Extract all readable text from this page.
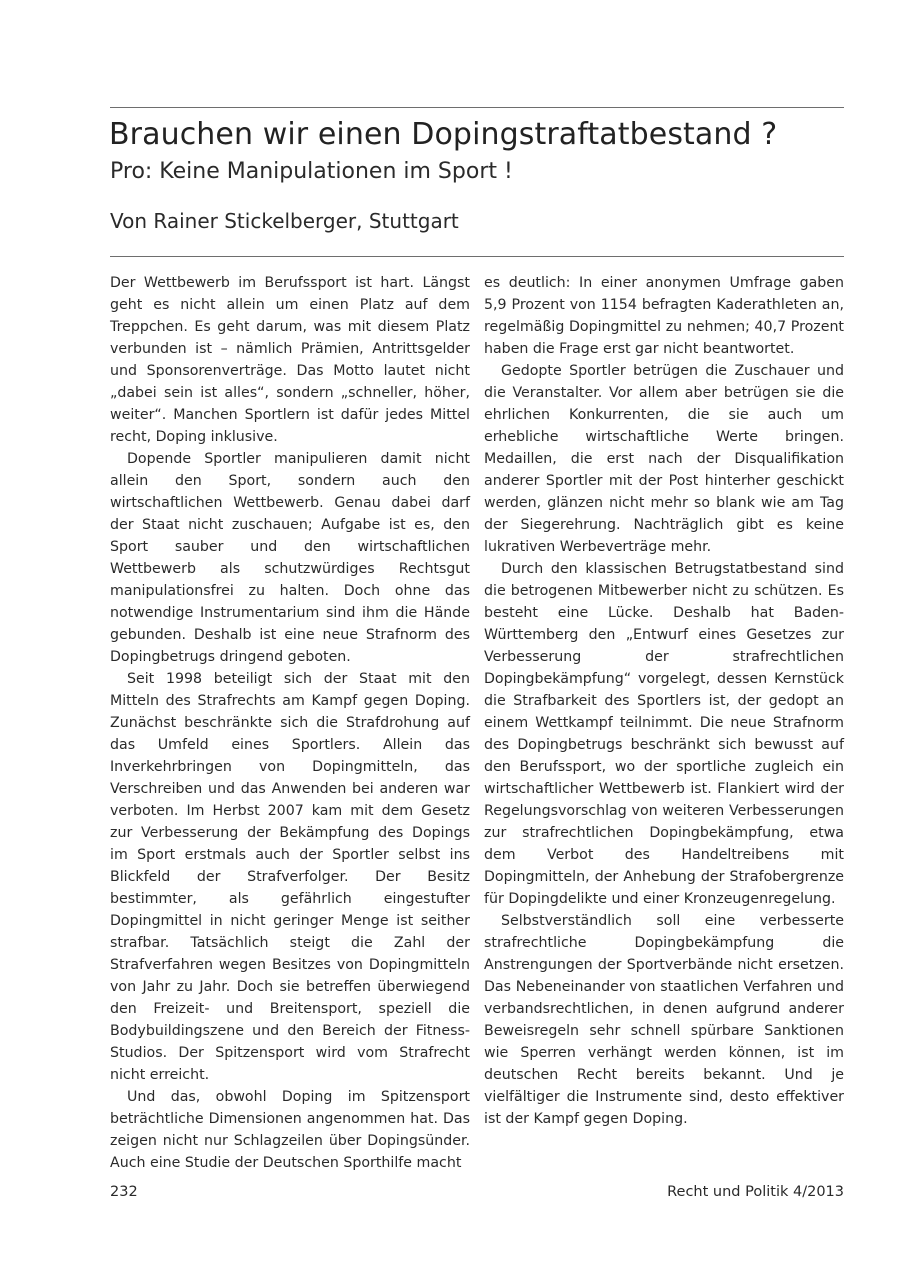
Brauchen wir einen Dopingstraftatbestand ?
Pro: Keine Manipulationen im Sport !

Von Rainer Stickelberger, Stuttgart

Der Wettbewerb im Berufssport ist hart. Längst geht es nicht allein um einen Platz auf dem Treppchen. Es geht darum, was mit diesem Platz verbunden ist – nämlich Prämien, Antrittsgelder und Sponsorenverträge. Das Motto lautet nicht „dabei sein ist alles“, sondern „schneller, höher, weiter“. Manchen Sportlern ist dafür jedes Mittel recht, Doping inklusive.

Dopende Sportler manipulieren damit nicht allein den Sport, sondern auch den wirtschaftlichen Wettbewerb. Genau dabei darf der Staat nicht zuschauen; Aufgabe ist es, den Sport sauber und den wirtschaftlichen Wettbewerb als schutzwürdiges Rechtsgut manipulationsfrei zu halten. Doch ohne das notwendige Instrumentarium sind ihm die Hände gebunden. Deshalb ist eine neue Strafnorm des Dopingbetrugs dringend geboten.

Seit 1998 beteiligt sich der Staat mit den Mitteln des Strafrechts am Kampf gegen Doping. Zunächst beschränkte sich die Strafdrohung auf das Umfeld eines Sportlers. Allein das Inverkehrbringen von Dopingmitteln, das Verschreiben und das Anwenden bei anderen war verboten. Im Herbst 2007 kam mit dem Gesetz zur Verbesserung der Bekämpfung des Dopings im Sport erstmals auch der Sportler selbst ins Blickfeld der Strafverfolger. Der Besitz bestimmter, als gefährlich eingestufter Dopingmittel in nicht geringer Menge ist seither strafbar. Tatsächlich steigt die Zahl der Strafverfahren wegen Besitzes von Dopingmitteln von Jahr zu Jahr. Doch sie betreffen überwiegend den Freizeit- und Breitensport, speziell die Bodybuildingszene und den Bereich der Fitness-Studios. Der Spitzensport wird vom Strafrecht nicht erreicht.

Und das, obwohl Doping im Spitzensport beträchtliche Dimensionen angenommen hat. Das zeigen nicht nur Schlagzeilen über Dopingsünder. Auch eine Studie der Deutschen Sporthilfe macht

es deutlich: In einer anonymen Umfrage gaben 5,9 Prozent von 1154 befragten Kaderathleten an, regelmäßig Dopingmittel zu nehmen; 40,7 Prozent haben die Frage erst gar nicht beantwortet.

Gedopte Sportler betrügen die Zuschauer und die Veranstalter. Vor allem aber betrügen sie die ehrlichen Konkurrenten, die sie auch um erhebliche wirtschaftliche Werte bringen. Medaillen, die erst nach der Disqualifikation anderer Sportler mit der Post hinterher geschickt werden, glänzen nicht mehr so blank wie am Tag der Siegerehrung. Nachträglich gibt es keine lukrativen Werbeverträge mehr.

Durch den klassischen Betrugstatbestand sind die betrogenen Mitbewerber nicht zu schützen. Es besteht eine Lücke. Deshalb hat Baden-Württemberg den „Entwurf eines Gesetzes zur Verbesserung der strafrechtlichen Dopingbekämpfung“ vorgelegt, dessen Kernstück die Strafbarkeit des Sportlers ist, der gedopt an einem Wettkampf teilnimmt. Die neue Strafnorm des Dopingbetrugs beschränkt sich bewusst auf den Berufssport, wo der sportliche zugleich ein wirtschaftlicher Wettbewerb ist. Flankiert wird der Regelungsvorschlag von weiteren Verbesserungen zur strafrechtlichen Dopingbekämpfung, etwa dem Verbot des Handeltreibens mit Dopingmitteln, der Anhebung der Strafobergrenze für Dopingdelikte und einer Kronzeugenregelung.

Selbstverständlich soll eine verbesserte strafrechtliche Dopingbekämpfung die Anstrengungen der Sportverbände nicht ersetzen. Das Nebeneinander von staatlichen Verfahren und verbandsrechtlichen, in denen aufgrund anderer Beweisregeln sehr schnell spürbare Sanktionen wie Sperren verhängt werden können, ist im deutschen Recht bereits bekannt. Und je vielfältiger die Instrumente sind, desto effektiver ist der Kampf gegen Doping.

232	Recht und Politik 4/2013
